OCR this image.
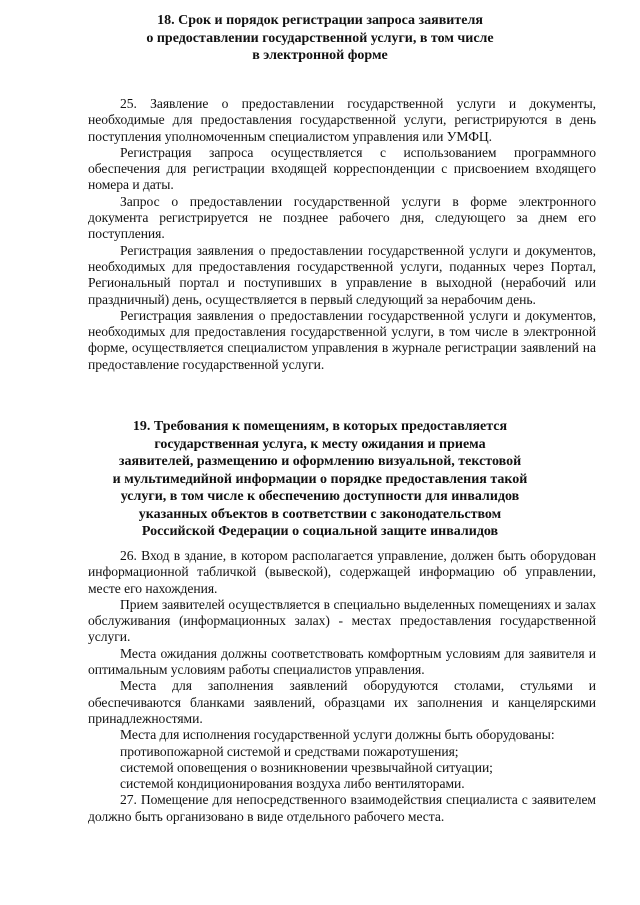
18. Срок и порядок регистрации запроса заявителя
о предоставлении государственной услуги, в том числе
в электронной форме

25. Заявление о предоставлении государственной услуги и документы, необходимые для предоставления государственной услуги, регистрируются в день поступления уполномоченным специалистом управления или УМФЦ.

Регистрация запроса осуществляется с использованием программного обеспечения для регистрации входящей корреспонденции с присвоением входящего номера и даты.

Запрос о предоставлении государственной услуги в форме электронного документа регистрируется не позднее рабочего дня, следующего за днем его поступления.

Регистрация заявления о предоставлении государственной услуги и документов, необходимых для предоставления государственной услуги, поданных через Портал, Региональный портал и поступивших в управление в выходной (нерабочий или праздничный) день, осуществляется в первый следующий за нерабочим день.

Регистрация заявления о предоставлении государственной услуги и документов, необходимых для предоставления государственной услуги, в том числе в электронной форме, осуществляется специалистом управления в журнале регистрации заявлений на предоставление государственной услуги.

19. Требования к помещениям, в которых предоставляется
государственная услуга, к месту ожидания и приема
заявителей, размещению и оформлению визуальной, текстовой
и мультимедийной информации о порядке предоставления такой
услуги, в том числе к обеспечению доступности для инвалидов
указанных объектов в соответствии с законодательством
Российской Федерации о социальной защите инвалидов

26. Вход в здание, в котором располагается управление, должен быть оборудован информационной табличкой (вывеской), содержащей информацию об управлении, месте его нахождения.

Прием заявителей осуществляется в специально выделенных помещениях и залах обслуживания (информационных залах) - местах предоставления государственной услуги.

Места ожидания должны соответствовать комфортным условиям для заявителя и оптимальным условиям работы специалистов управления.

Места для заполнения заявлений оборудуются столами, стульями и обеспечиваются бланками заявлений, образцами их заполнения и канцелярскими принадлежностями.

Места для исполнения государственной услуги должны быть оборудованы:

противопожарной системой и средствами пожаротушения;

системой оповещения о возникновении чрезвычайной ситуации;

системой кондиционирования воздуха либо вентиляторами.

27. Помещение для непосредственного взаимодействия специалиста с заявителем должно быть организовано в виде отдельного рабочего места.
